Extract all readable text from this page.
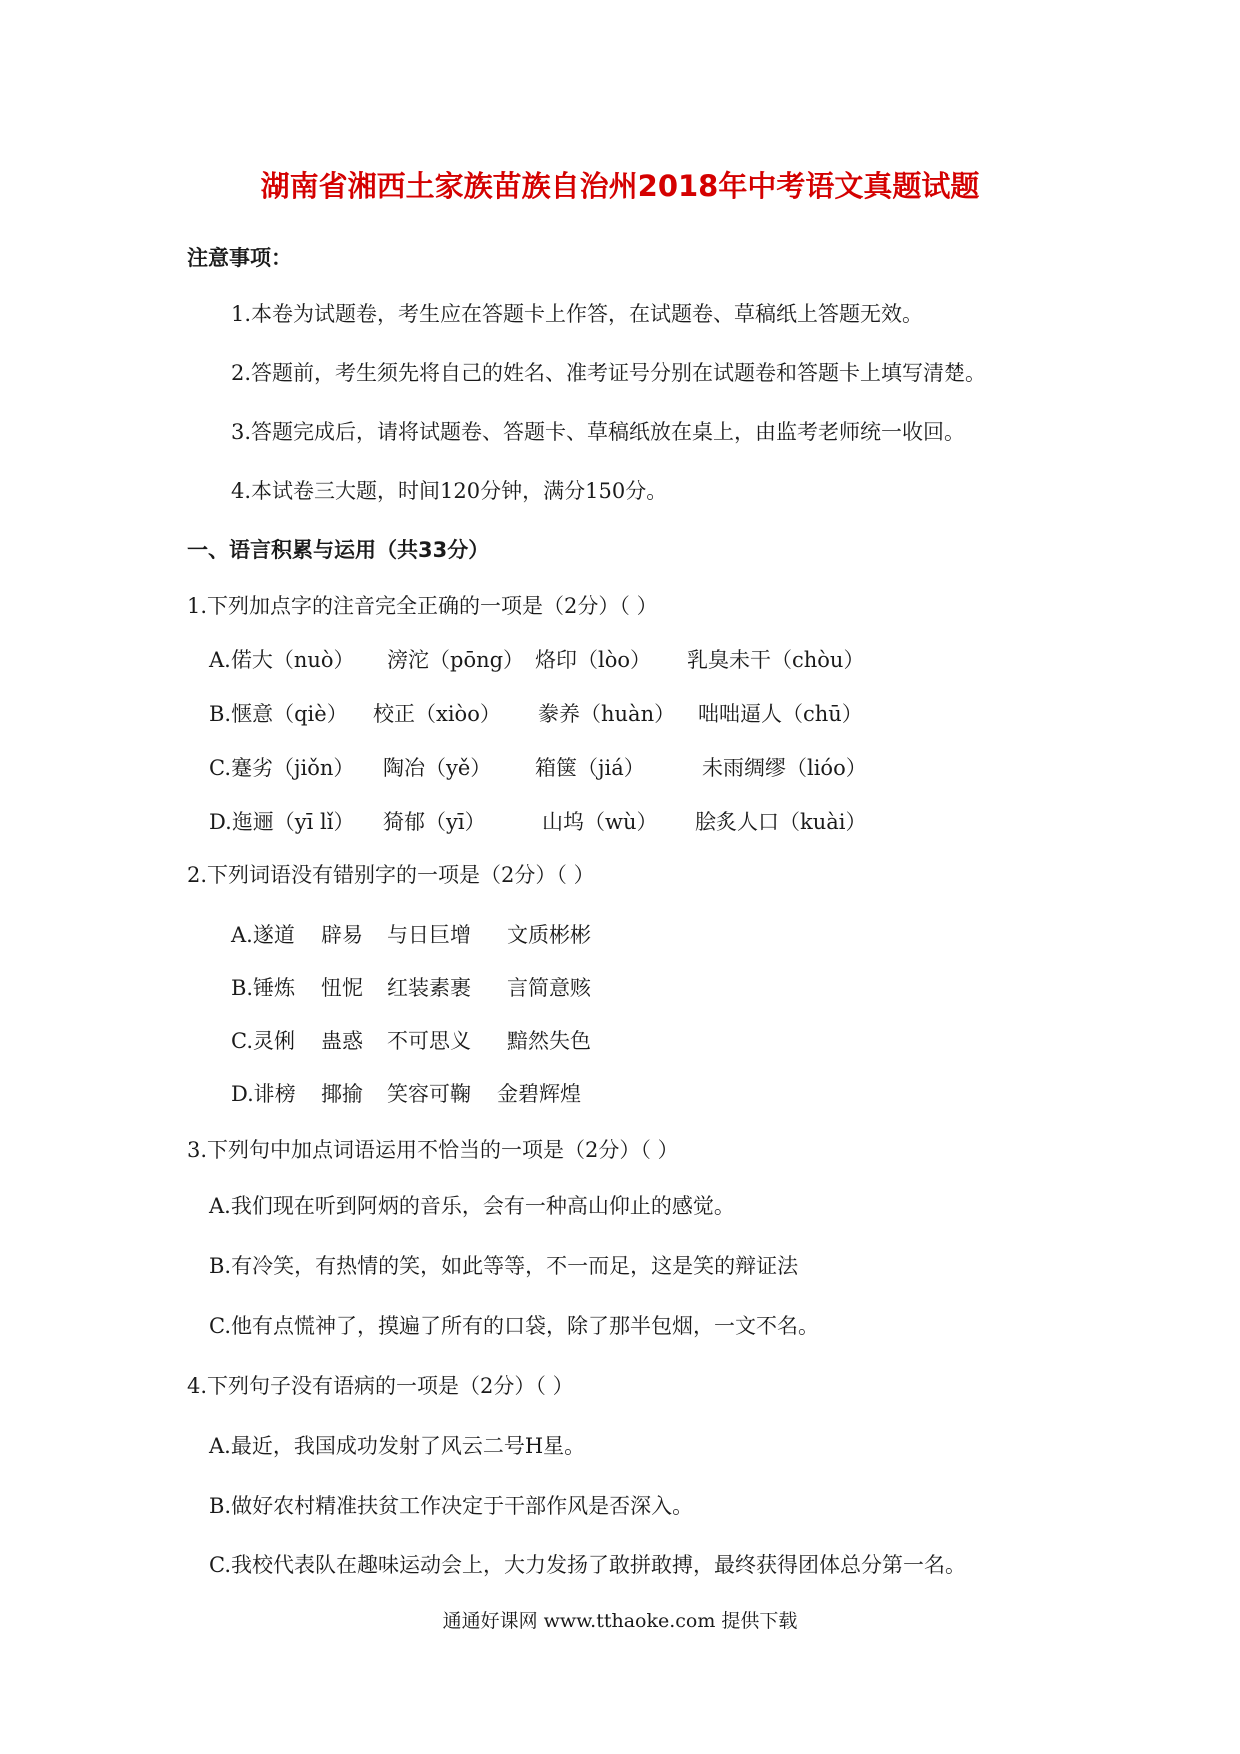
湖南省湘西土家族苗族自治州2018年中考语文真题试题
注意事项：
1.本卷为试题卷，考生应在答题卡上作答，在试题卷、草稿纸上答题无效。
2.答题前，考生须先将自己的姓名、准考证号分别在试题卷和答题卡上填写清楚。
3.答题完成后，请将试题卷、答题卡、草稿纸放在桌上，由监考老师统一收回。
4.本试卷三大题，时间120分钟，满分150分。
一、语言积累与运用（共33分）
1.下列加点字的注音完全正确的一项是（2分）（ ）
A.偌大（nuò） 滂沱（pōng） 烙印（lòo） 乳臭未干（chòu）
B.惬意（qiè） 校正（xiòo） 豢养（huàn） 咄咄逼人（chū）
C.蹇劣（jiǒn） 陶冶（yě） 箱箧（jiá）	未雨绸缪（lióo）
D.迤逦（yī lǐ） 猗郁（yī）	山坞（wù） 脍炙人口（kuài）
2.下列词语没有错别字的一项是（2分）（ ）
A.遂道 辟易 与日巨增 文质彬彬
B.锤炼 忸怩 红装素裹 言简意赅
C.灵俐 蛊惑 不可思义 黯然失色
D.诽榜 揶揄 笑容可鞠 金碧辉煌
3.下列句中加点词语运用不恰当的一项是（2分）（ ）
A.我们现在听到阿炳的音乐，会有一种高山仰止的感觉。
B.有冷笑，有热情的笑，如此等等，不一而足，这是笑的辩证法
C.他有点慌神了，摸遍了所有的口袋，除了那半包烟，一文不名。
4.下列句子没有语病的一项是（2分）（ ）
A.最近，我国成功发射了风云二号H星。
B.做好农村精准扶贫工作决定于干部作风是否深入。
C.我校代表队在趣味运动会上，大力发扬了敢拼敢搏，最终获得团体总分第一名。
通通好课网 www.tthaoke.com 提供下载
